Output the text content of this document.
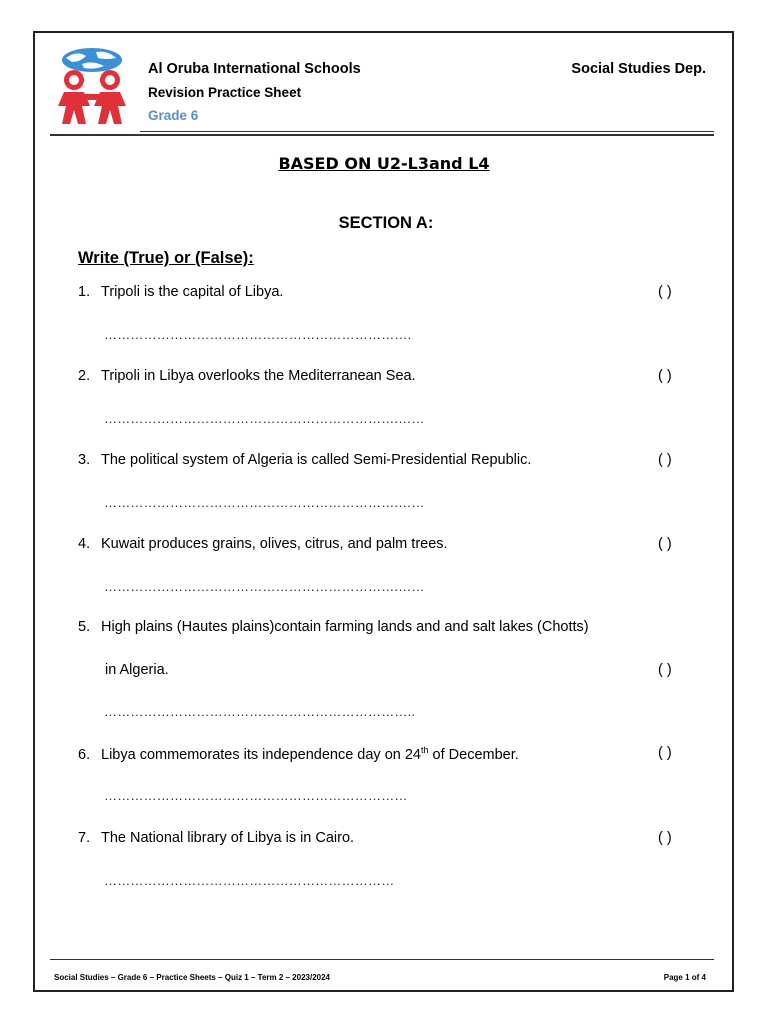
Al Oruba International Schools	Social Studies Dep.
Revision Practice Sheet
Grade 6
BASED ON U2-L3and L4
SECTION A:
Write (True) or (False):
1. Tripoli is the capital of Libya.	( )
…………………………………………………………….
2. Tripoli in Libya overlooks the Mediterranean Sea.	( )
………………………………………………………….……
3. The political system of Algeria is called Semi-Presidential Republic.	( )
………………………………………………………….……
4. Kuwait produces grains, olives, citrus, and palm trees.	( )
………………………………………………………….……
5. High plains (Hautes plains)contain farming lands and and salt lakes (Chotts)
in Algeria.	( )
……………………………………………………………..
6. Libya commemorates its independence day on 24th of December.	( )
……………………………………………………………
7. The National library of Libya is in Cairo.	( )
…………………………………………………………
Social Studies – Grade 6 – Practice Sheets – Quiz 1 – Term 2 – 2023/2024	Page 1 of 4
